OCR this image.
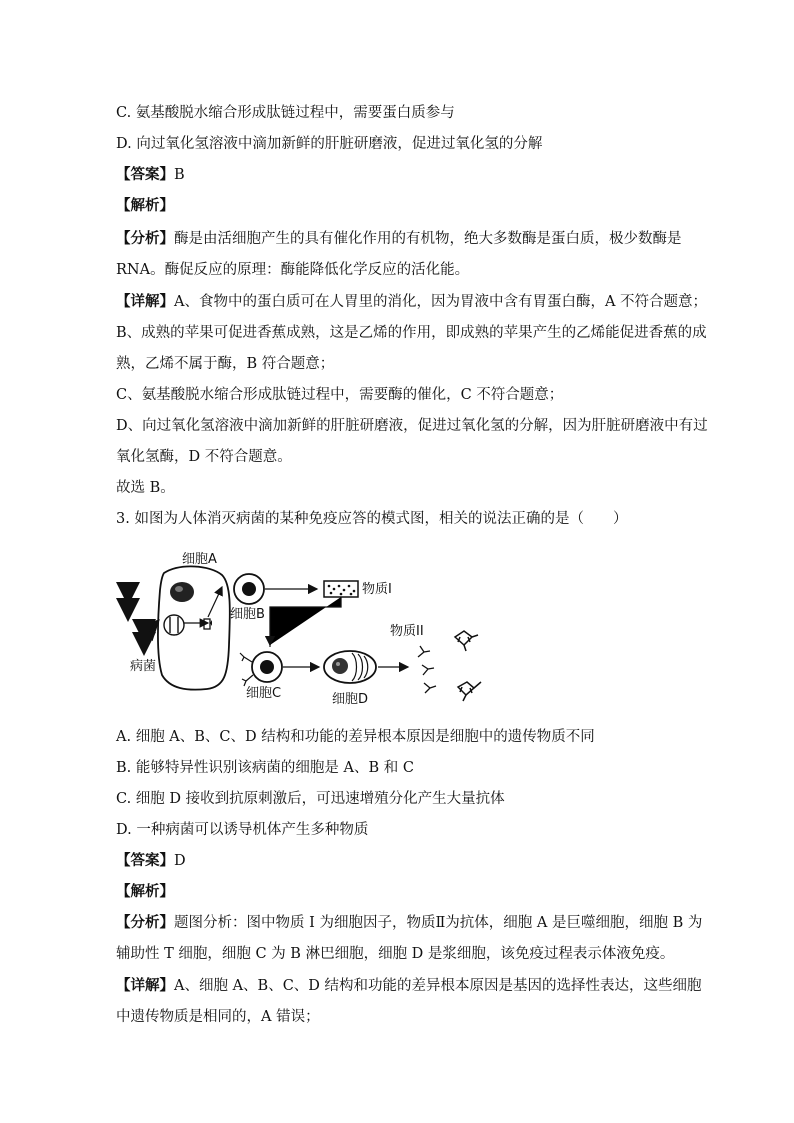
C. 氨基酸脱水缩合形成肽链过程中，需要蛋白质参与
D. 向过氧化氢溶液中滴加新鲜的肝脏研磨液，促进过氧化氢的分解
【答案】B
【解析】
【分析】酶是由活细胞产生的具有催化作用的有机物，绝大多数酶是蛋白质，极少数酶是
RNA。酶促反应的原理：酶能降低化学反应的活化能。
【详解】A、食物中的蛋白质可在人胃里的消化，因为胃液中含有胃蛋白酶，A 不符合题意；
B、成熟的苹果可促进香蕉成熟，这是乙烯的作用，即成熟的苹果产生的乙烯能促进香蕉的成
熟，乙烯不属于酶，B 符合题意；
C、氨基酸脱水缩合形成肽链过程中，需要酶的催化，C 不符合题意；
D、向过氧化氢溶液中滴加新鲜的肝脏研磨液，促进过氧化氢的分解，因为肝脏研磨液中有过
氧化氢酶，D 不符合题意。
故选 B。
3. 如图为人体消灭病菌的某种免疫应答的模式图，相关的说法正确的是（　　）
细胞A
病菌
细胞B
物质I
细胞C	细胞D
物质II
A. 细胞 A、B、C、D 结构和功能的差异根本原因是细胞中的遗传物质不同
B. 能够特异性识别该病菌的细胞是 A、B 和 C
C. 细胞 D 接收到抗原刺激后，可迅速增殖分化产生大量抗体
D. 一种病菌可以诱导机体产生多种物质
【答案】D
【解析】
【分析】题图分析：图中物质 I 为细胞因子，物质Ⅱ为抗体，细胞 A 是巨噬细胞，细胞 B 为
辅助性 T 细胞，细胞 C 为 B 淋巴细胞，细胞 D 是浆细胞，该免疫过程表示体液免疫。
【详解】A、细胞 A、B、C、D 结构和功能的差异根本原因是基因的选择性表达，这些细胞
中遗传物质是相同的，A 错误；
